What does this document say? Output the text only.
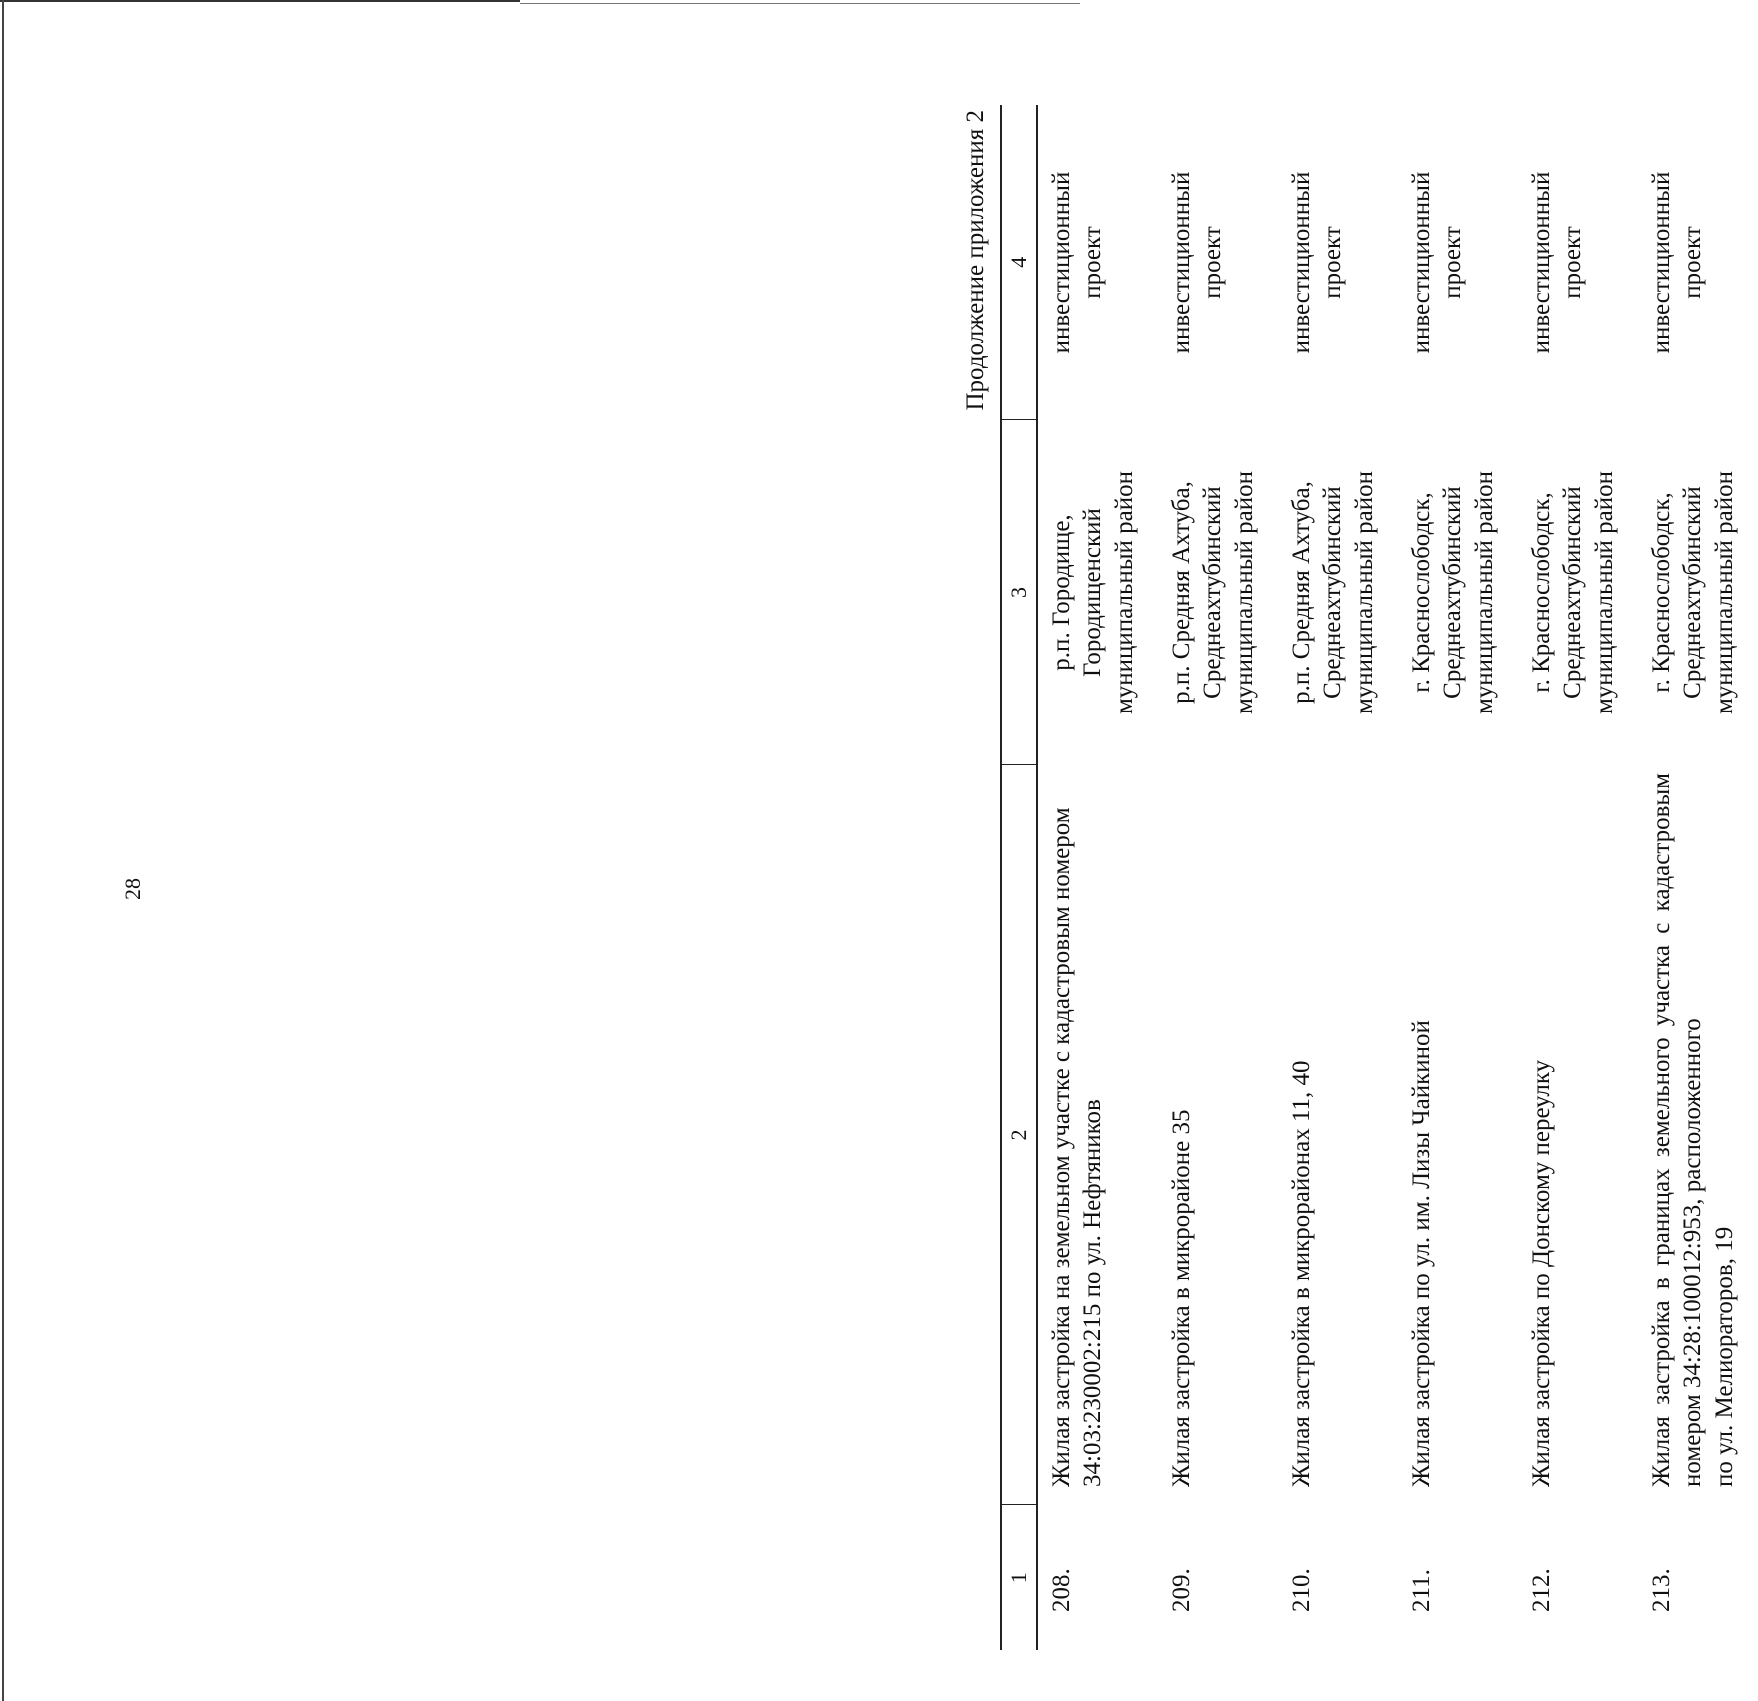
28
Продолжение приложения 2
1	2	3	4
208.	Жилая застройка на земельном участке с кадастровым номером 34:03:230002:215 по ул. Нефтяников	р.п. Городище, Городищенский муниципальный район	инвестиционный проект
209.	Жилая застройка в микрорайоне 35	р.п. Средняя Ахтуба, Среднеахтубинский муниципальный район	инвестиционный проект
210.	Жилая застройка в микрорайонах 11, 40	р.п. Средняя Ахтуба, Среднеахтубинский муниципальный район	инвестиционный проект
211.	Жилая застройка по ул. им. Лизы Чайкиной	г. Краснослободск, Среднеахтубинский муниципальный район	инвестиционный проект
212.	Жилая застройка по Донскому переулку	г. Краснослободск, Среднеахтубинский муниципальный район	инвестиционный проект
213.	Жилая застройка в границах земельного участка с кадастровым номером 34:28:100012:953, расположенного по ул. Мелиораторов, 19	г. Краснослободск, Среднеахтубинский муниципальный район	инвестиционный проект
